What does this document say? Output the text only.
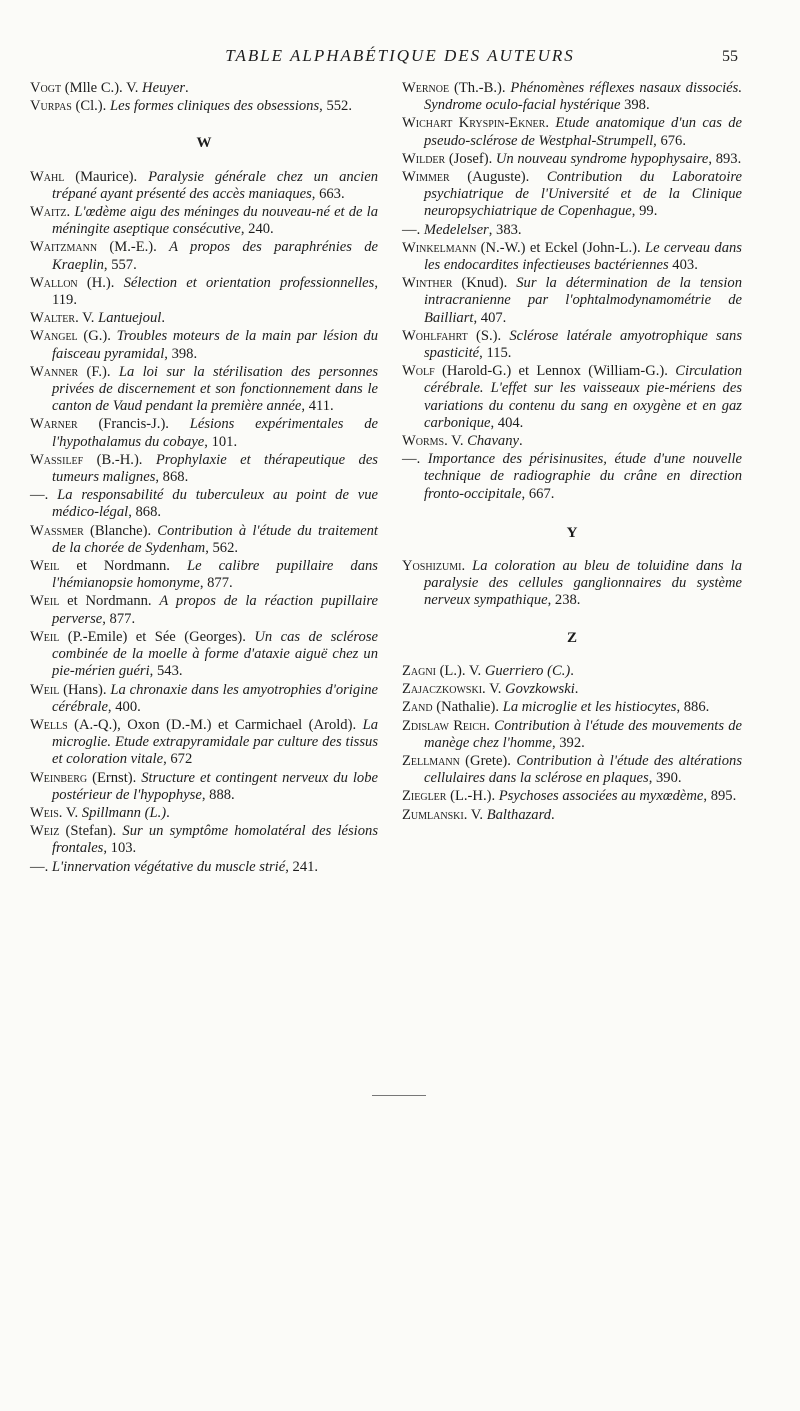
TABLE ALPHABÉTIQUE DES AUTEURS	55

Vogt (Mlle C.). V. Heuyer.

Vurpas (Cl.). Les formes cliniques des obsessions, 552.

W

Wahl (Maurice). Paralysie générale chez un ancien trépané ayant présenté des accès maniaques, 663.

Waitz. L'œdème aigu des méninges du nouveau-né et de la méningite aseptique consécutive, 240.

Waitzmann (M.-E.). A propos des paraphrénies de Kraeplin, 557.

Wallon (H.). Sélection et orientation professionnelles, 119.

Walter. V. Lantuejoul.

Wangel (G.). Troubles moteurs de la main par lésion du faisceau pyramidal, 398.

Wanner (F.). La loi sur la stérilisation des personnes privées de discernement et son fonctionnement dans le canton de Vaud pendant la première année, 411.

Warner (Francis-J.). Lésions expérimentales de l'hypothalamus du cobaye, 101.

Wassilef (B.-H.). Prophylaxie et thérapeutique des tumeurs malignes, 868.

—. La responsabilité du tuberculeux au point de vue médico-légal, 868.

Wassmer (Blanche). Contribution à l'étude du traitement de la chorée de Sydenham, 562.

Weil et Nordmann. Le calibre pupillaire dans l'hémianopsie homonyme, 877.

Weil et Nordmann. A propos de la réaction pupillaire perverse, 877.

Weil (P.-Emile) et Sée (Georges). Un cas de sclérose combinée de la moelle à forme d'ataxie aiguë chez un pie-mérien guéri, 543.

Weil (Hans). La chronaxie dans les amyotrophies d'origine cérébrale, 400.

Wells (A.-Q.), Oxon (D.-M.) et Carmichael (Arold). La microglie. Etude extrapyramidale par culture des tissus et coloration vitale, 672

Weinberg (Ernst). Structure et contingent nerveux du lobe postérieur de l'hypophyse, 888.

Weis. V. Spillmann (L.).

Weiz (Stefan). Sur un symptôme homolatéral des lésions frontales, 103.

—. L'innervation végétative du muscle strié, 241.

Wernoe (Th.-B.). Phénomènes réflexes nasaux dissociés. Syndrome oculo-facial hystérique 398.

Wichart Kryspin-Ekner. Etude anatomique d'un cas de pseudo-sclérose de Westphal-Strumpell, 676.

Wilder (Josef). Un nouveau syndrome hypophysaire, 893.

Wimmer (Auguste). Contribution du Laboratoire psychiatrique de l'Université et de la Clinique neuropsychiatrique de Copenhague, 99.

—. Medelelser, 383.

Winkelmann (N.-W.) et Eckel (John-L.). Le cerveau dans les endocardites infectieuses bactériennes 403.

Winther (Knud). Sur la détermination de la tension intracranienne par l'ophtalmodynamométrie de Bailliart, 407.

Wohlfahrt (S.). Sclérose latérale amyotrophique sans spasticité, 115.

Wolf (Harold-G.) et Lennox (William-G.). Circulation cérébrale. L'effet sur les vaisseaux pie-mériens des variations du contenu du sang en oxygène et en gaz carbonique, 404.

Worms. V. Chavany.

—. Importance des périsinusites, étude d'une nouvelle technique de radiographie du crâne en direction fronto-occipitale, 667.

Y

Yoshizumi. La coloration au bleu de toluidine dans la paralysie des cellules ganglionnaires du système nerveux sympathique, 238.

Z

Zagni (L.). V. Guerriero (C.).

Zajaczkowski. V. Govzkowski.

Zand (Nathalie). La microglie et les histiocytes, 886.

Zdislaw Reich. Contribution à l'étude des mouvements de manège chez l'homme, 392.

Zellmann (Grete). Contribution à l'étude des altérations cellulaires dans la sclérose en plaques, 390.

Ziegler (L.-H.). Psychoses associées au myxœdème, 895.

Zumlanski. V. Balthazard.
